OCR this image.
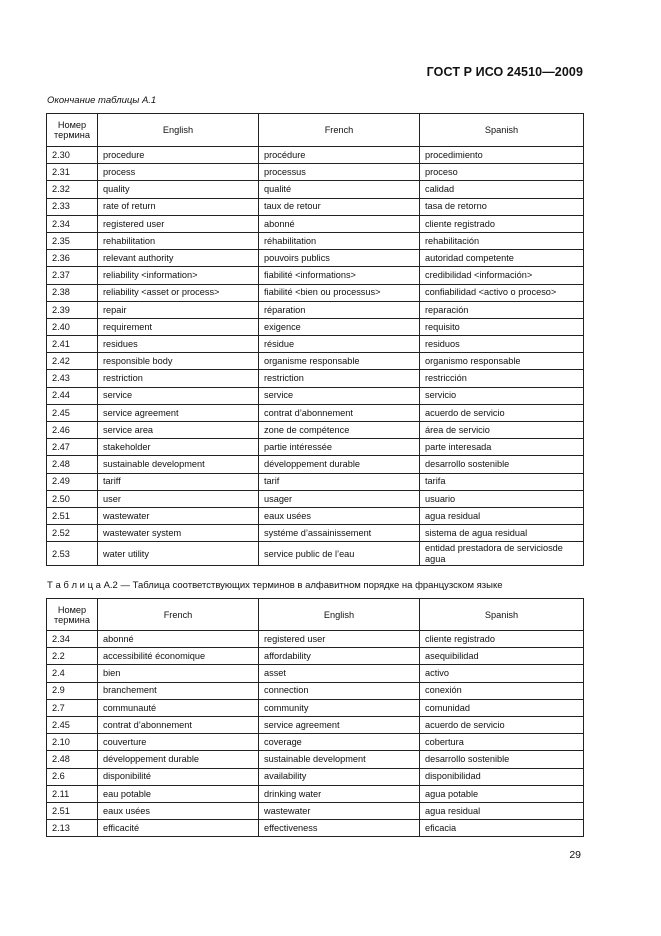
ГОСТ Р ИСО 24510—2009
Окончание таблицы А.1
Номер термина	English	French	Spanish
2.30	procedure	procédure	procedimiento
2.31	process	processus	proceso
2.32	quality	qualité	calidad
2.33	rate of return	taux de retour	tasa de retorno
2.34	registered user	abonné	cliente registrado
2.35	rehabilitation	réhabilitation	rehabilitación
2.36	relevant authority	pouvoirs publics	autoridad competente
2.37	reliability <information>	fiabilité <informations>	credibilidad <información>
2.38	reliability <asset or process>	fiabilité <bien ou processus>	confiabilidad <activo o proceso>
2.39	repair	réparation	reparación
2.40	requirement	exigence	requisito
2.41	residues	résidue	residuos
2.42	responsible body	organisme responsable	organismo responsable
2.43	restriction	restriction	restricción
2.44	service	service	servicio
2.45	service agreement	contrat d’abonnement	acuerdo de servicio
2.46	service area	zone de compétence	área de servicio
2.47	stakeholder	partie intéressée	parte interesada
2.48	sustainable development	développement durable	desarrollo sostenible
2.49	tariff	tarif	tarifa
2.50	user	usager	usuario
2.51	wastewater	eaux usées	agua residual
2.52	wastewater system	systéme d’assainissement	sistema de agua residual
2.53	water utility	service public de l’eau	entidad prestadora de serviciosde agua
Т а б л и ц а А.2 — Таблица соответствующих терминов в алфавитном порядке на французском языке
Номер термина	French	English	Spanish
2.34	abonné	registered user	cliente registrado
2.2	accessibilité économique	affordability	asequibilidad
2.4	bien	asset	activo
2.9	branchement	connection	conexión
2.7	communauté	community	comunidad
2.45	contrat d’abonnement	service agreement	acuerdo de servicio
2.10	couverture	coverage	cobertura
2.48	développement durable	sustainable development	desarrollo sostenible
2.6	disponibilité	availability	disponibilidad
2.11	eau potable	drinking water	agua potable
2.51	eaux usées	wastewater	agua residual
2.13	efficacité	effectiveness	eficacia
29
